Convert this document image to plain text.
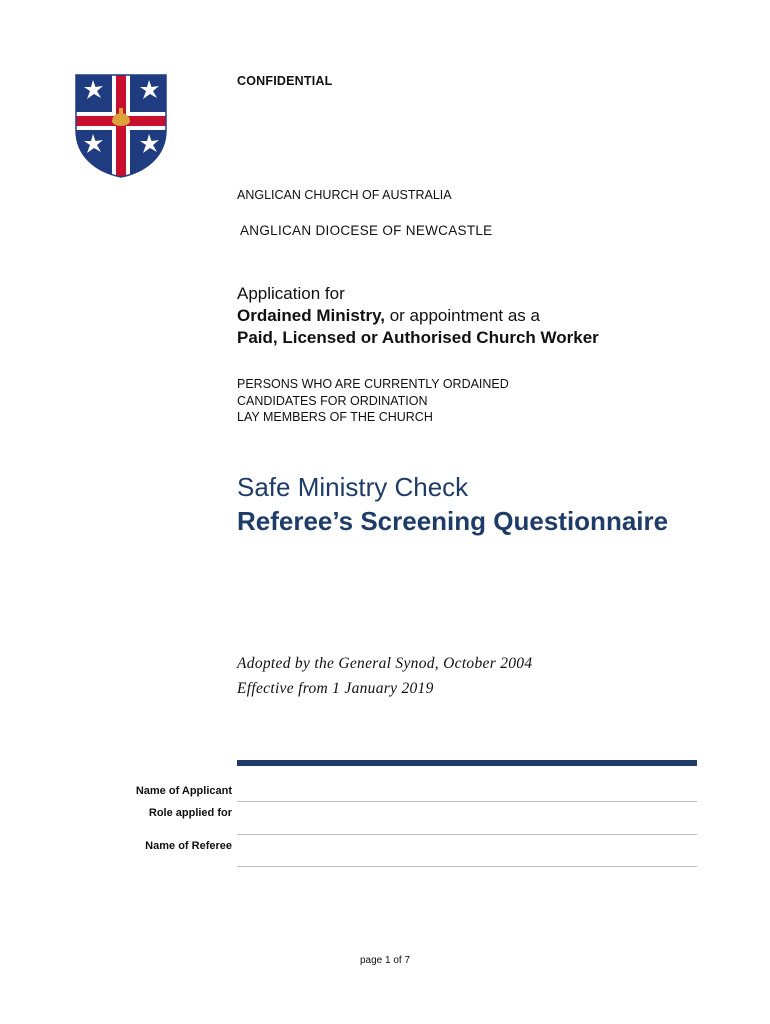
CONFIDENTIAL
ANGLICAN CHURCH OF AUSTRALIA
ANGLICAN DIOCESE OF NEWCASTLE
Application for
Ordained Ministry, or appointment as a
Paid, Licensed or Authorised Church Worker
PERSONS WHO ARE CURRENTLY ORDAINED
CANDIDATES FOR ORDINATION
LAY MEMBERS OF THE CHURCH
Safe Ministry Check
Referee’s Screening Questionnaire
Adopted by the General Synod, October 2004
Effective from 1 January 2019
Name of Applicant
Role applied for
Name of Referee
page 1 of 7
